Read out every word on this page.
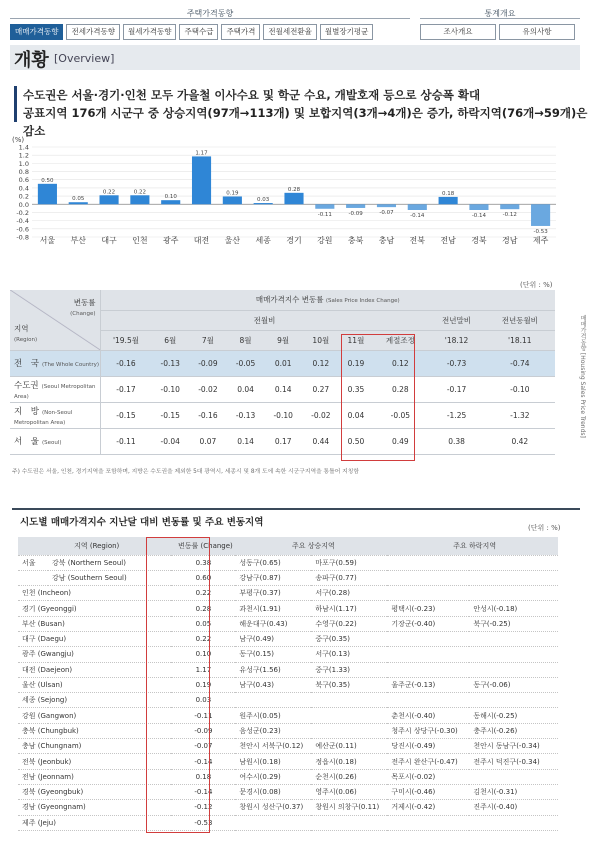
주택가격동향	통계개요
매매가격동향	전세가격동향	월세가격동향	주택수급	주택가격	전월세전환율	월별장기평균	조사개요	유의사항
개황 [Overview]
수도권은 서울·경기·인천 모두 가을철 이사수요 및 학군 수요, 개발호재 등으로 상승폭 확대
공표지역 176개 시군구 중 상승지역(97개→113개) 및 보합지역(3개→4개)은 증가, 하락지역(76개→59개)은 감소
(%)
1.4
1.2
1.0
0.8
0.6
0.4
0.2
0.0
-0.2
-0.4
-0.6
-0.8
0.50
서울
0.05
부산
0.22
대구
0.22
인천
0.10
광주
1.17
대전
0.19
울산
0.03
세종
0.28
경기
-0.11
강원
-0.09
충북
-0.07
충남
-0.14
전북
0.18
전남
-0.14
경북
-0.12
경남
-0.53
제주
(단위 : %)
변동률
(Change)
지역
(Region)	매매가격지수 변동률 (Sales Price Index Change)									
	전월비								전년말비	전년동월비
	'19.5월	6월	7월	8월	9월	10월	11월	계절조정	'18.12	'18.11
전　국 (The Whole Country)	-0.16	-0.13	-0.09	-0.05	0.01	0.12	0.19	0.12	-0.73	-0.74
수도권 (Seoul Metropolitan Area)	-0.17	-0.10	-0.02	0.04	0.14	0.27	0.35	0.28	-0.17	-0.10
지　방 (Non-Seoul Metropolitan Area)	-0.15	-0.15	-0.16	-0.13	-0.10	-0.02	0.04	-0.05	-1.25	-1.32
서　울 (Seoul)	-0.11	-0.04	0.07	0.14	0.17	0.44	0.50	0.49	0.38	0.42
주) 수도권은 서울, 인천, 경기지역을 포함하며, 지방은 수도권을 제외한 5대 광역시, 세종시 및 8개 도에 속한 시군구지역을 통틀어 지칭함
매매가격동향 [Housing Sales Price Trends]
시도별 매매가격지수 지난달 대비 변동률 및 주요 변동지역	(단위 : %)
지역 (Region)		변동률 (Change)	주요 상승지역		주요 하락지역	
서울	강북 (Northern Seoul)	0.38	성동구(0.65)	마포구(0.59)		
	강남 (Southern Seoul)	0.60	강남구(0.87)	송파구(0.77)		
인천 (Incheon)		0.22	부평구(0.37)	서구(0.28)		
경기 (Gyeonggi)		0.28	과천시(1.91)	하남시(1.17)	평택시(-0.23)	안성시(-0.18)
부산 (Busan)		0.05	해운대구(0.43)	수영구(0.22)	기장군(-0.40)	북구(-0.25)
대구 (Daegu)		0.22	남구(0.49)	중구(0.35)		
광주 (Gwangju)		0.10	동구(0.15)	서구(0.13)		
대전 (Daejeon)		1.17	유성구(1.56)	중구(1.33)		
울산 (Ulsan)		0.19	남구(0.43)	북구(0.35)	울주군(-0.13)	동구(-0.06)
세종 (Sejong)		0.03				
강원 (Gangwon)		-0.11	원주시(0.05)		춘천시(-0.40)	동해시(-0.25)
충북 (Chungbuk)		-0.09	음성군(0.23)		청주시 상당구(-0.30)	충주시(-0.26)
충남 (Chungnam)		-0.07	천안시 서북구(0.12)	예산군(0.11)	당진시(-0.49)	천안시 동남구(-0.34)
전북 (Jeonbuk)		-0.14	남원시(0.18)	정읍시(0.18)	전주시 완산구(-0.47)	전주시 덕진구(-0.34)
전남 (Jeonnam)		0.18	여수시(0.29)	순천시(0.26)	목포시(-0.02)	
경북 (Gyeongbuk)		-0.14	문경시(0.08)	영주시(0.06)	구미시(-0.46)	김천시(-0.31)
경남 (Gyeongnam)		-0.12	창원시 성산구(0.37)	창원시 의창구(0.11)	거제시(-0.42)	진주시(-0.40)
제주 (Jeju)		-0.53				
